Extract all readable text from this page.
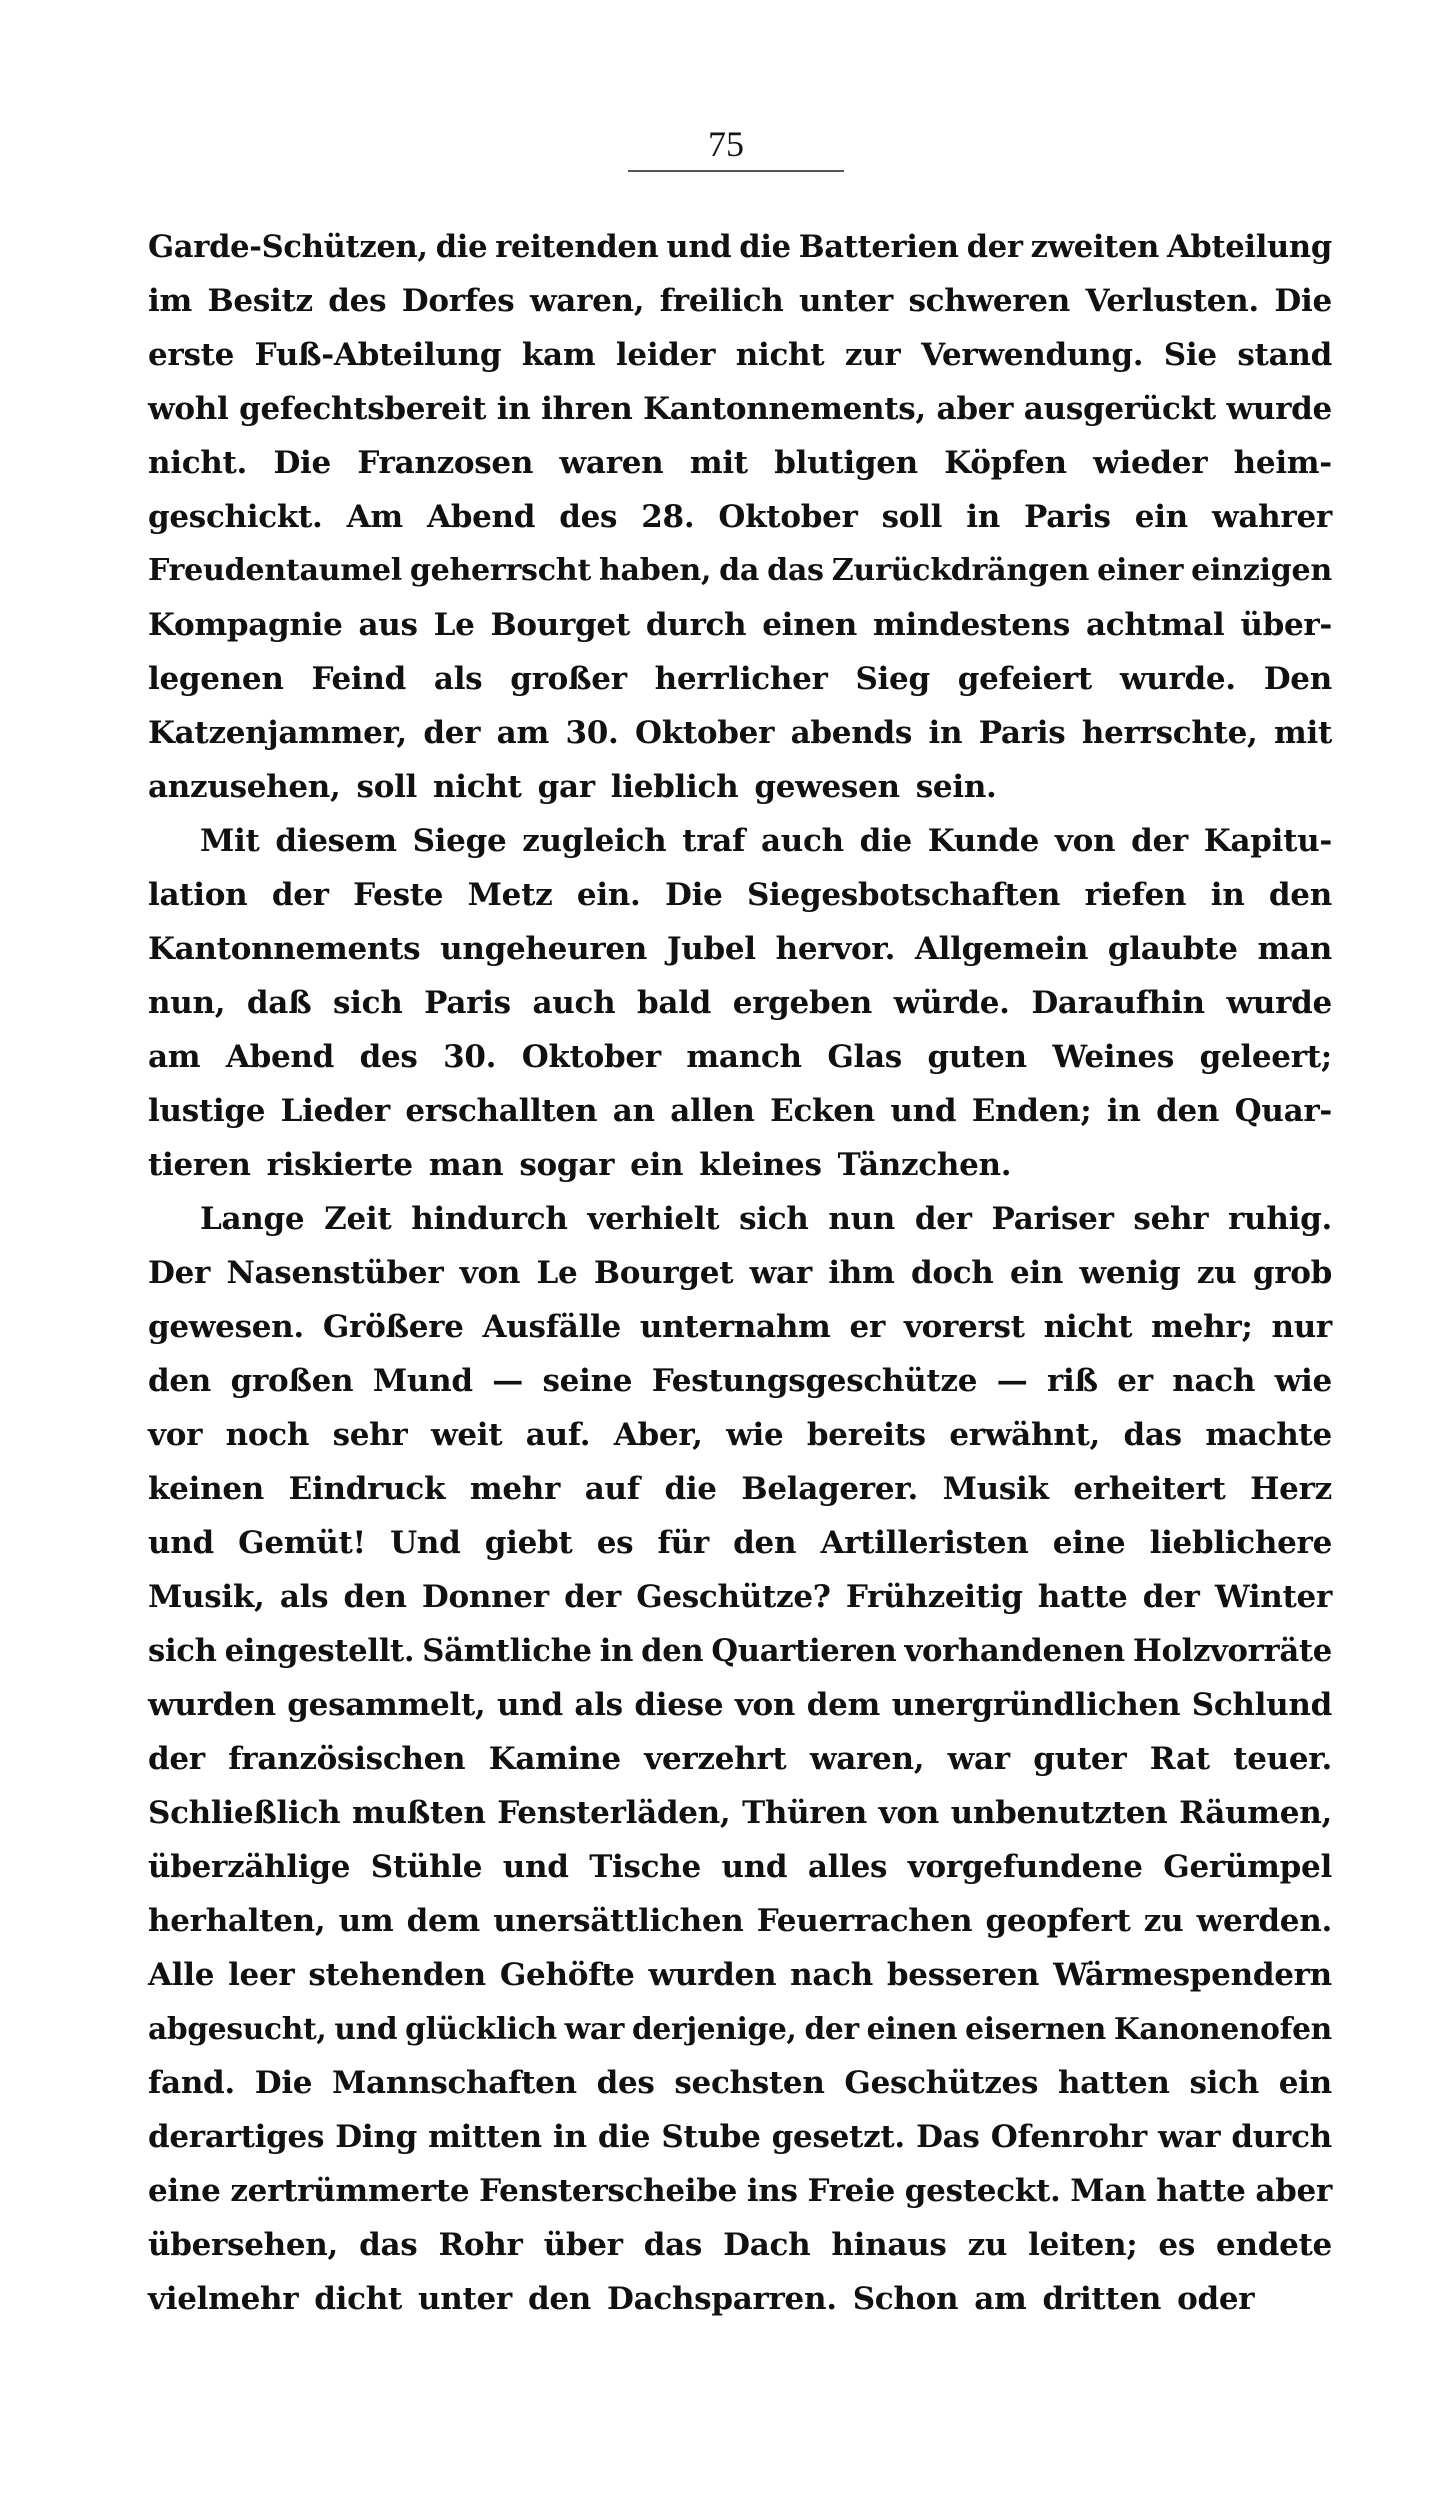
75
Garde-Schützen, die reitenden und die Batterien der zweiten Abteilung
im Besitz des Dorfes waren, freilich unter schweren Verlusten. Die
erste Fuß-Abteilung kam leider nicht zur Verwendung. Sie stand
wohl gefechtsbereit in ihren Kantonnements, aber ausgerückt wurde
nicht. Die Franzosen waren mit blutigen Köpfen wieder heim-
geschickt. Am Abend des 28. Oktober soll in Paris ein wahrer
Freudentaumel geherrscht haben, da das Zurückdrängen einer einzigen
Kompagnie aus Le Bourget durch einen mindestens achtmal über-
legenen Feind als großer herrlicher Sieg gefeiert wurde. Den
Katzenjammer, der am 30. Oktober abends in Paris herrschte, mit
anzusehen, soll nicht gar lieblich gewesen sein.
Mit diesem Siege zugleich traf auch die Kunde von der Kapitu-
lation der Feste Metz ein. Die Siegesbotschaften riefen in den
Kantonnements ungeheuren Jubel hervor. Allgemein glaubte man
nun, daß sich Paris auch bald ergeben würde. Daraufhin wurde
am Abend des 30. Oktober manch Glas guten Weines geleert;
lustige Lieder erschallten an allen Ecken und Enden; in den Quar-
tieren riskierte man sogar ein kleines Tänzchen.
Lange Zeit hindurch verhielt sich nun der Pariser sehr ruhig.
Der Nasenstüber von Le Bourget war ihm doch ein wenig zu grob
gewesen. Größere Ausfälle unternahm er vorerst nicht mehr; nur
den großen Mund — seine Festungsgeschütze — riß er nach wie
vor noch sehr weit auf. Aber, wie bereits erwähnt, das machte
keinen Eindruck mehr auf die Belagerer. Musik erheitert Herz
und Gemüt! Und giebt es für den Artilleristen eine lieblichere
Musik, als den Donner der Geschütze? Frühzeitig hatte der Winter
sich eingestellt. Sämtliche in den Quartieren vorhandenen Holzvorräte
wurden gesammelt, und als diese von dem unergründlichen Schlund
der französischen Kamine verzehrt waren, war guter Rat teuer.
Schließlich mußten Fensterläden, Thüren von unbenutzten Räumen,
überzählige Stühle und Tische und alles vorgefundene Gerümpel
herhalten, um dem unersättlichen Feuerrachen geopfert zu werden.
Alle leer stehenden Gehöfte wurden nach besseren Wärmespendern
abgesucht, und glücklich war derjenige, der einen eisernen Kanonenofen
fand. Die Mannschaften des sechsten Geschützes hatten sich ein
derartiges Ding mitten in die Stube gesetzt. Das Ofenrohr war durch
eine zertrümmerte Fensterscheibe ins Freie gesteckt. Man hatte aber
übersehen, das Rohr über das Dach hinaus zu leiten; es endete
vielmehr dicht unter den Dachsparren. Schon am dritten oder
